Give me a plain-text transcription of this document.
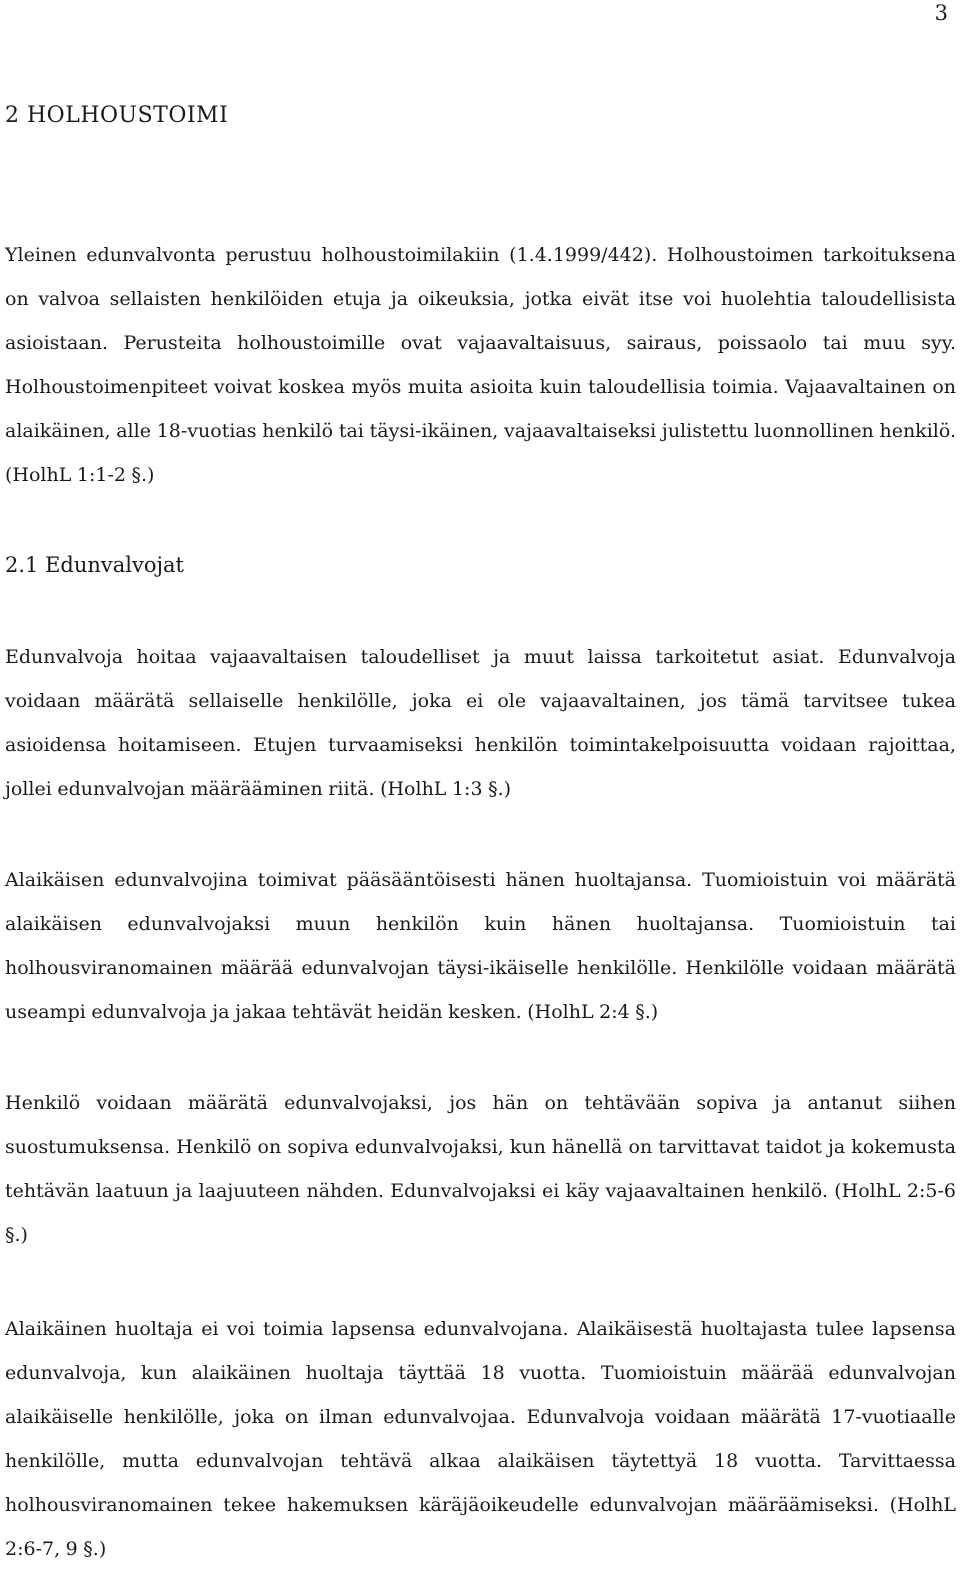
3
2 HOLHOUSTOIMI

Yleinen edunvalvonta perustuu holhoustoimilakiin (1.4.1999/442). Holhoustoimen tarkoituksena on valvoa sellaisten henkilöiden etuja ja oikeuksia, jotka eivät itse voi huolehtia taloudellisista asioistaan. Perusteita holhoustoimille ovat vajaavaltaisuus, sairaus, poissaolo tai muu syy. Holhoustoimenpiteet voivat koskea myös muita asioita kuin taloudellisia toimia. Vajaavaltainen on alaikäinen, alle 18-vuotias henkilö tai täysi-ikäinen, vajaavaltaiseksi julistettu luonnollinen henkilö. (HolhL 1:1-2 §.)

2.1 Edunvalvojat

Edunvalvoja hoitaa vajaavaltaisen taloudelliset ja muut laissa tarkoitetut asiat. Edunvalvoja voidaan määrätä sellaiselle henkilölle, joka ei ole vajaavaltainen, jos tämä tarvitsee tukea asioidensa hoitamiseen. Etujen turvaamiseksi henkilön toimintakelpoisuutta voidaan rajoittaa, jollei edunvalvojan määrääminen riitä. (HolhL 1:3 §.)

Alaikäisen edunvalvojina toimivat pääsääntöisesti hänen huoltajansa. Tuomioistuin voi määrätä alaikäisen edunvalvojaksi muun henkilön kuin hänen huoltajansa. Tuomioistuin tai holhousviranomainen määrää edunvalvojan täysi-ikäiselle henkilölle. Henkilölle voidaan määrätä useampi edunvalvoja ja jakaa tehtävät heidän kesken. (HolhL 2:4 §.)

Henkilö voidaan määrätä edunvalvojaksi, jos hän on tehtävään sopiva ja antanut siihen suostumuksensa. Henkilö on sopiva edunvalvojaksi, kun hänellä on tarvittavat taidot ja kokemusta tehtävän laatuun ja laajuuteen nähden. Edunvalvojaksi ei käy vajaavaltainen henkilö. (HolhL 2:5-6 §.)

Alaikäinen huoltaja ei voi toimia lapsensa edunvalvojana. Alaikäisestä huoltajasta tulee lapsensa edunvalvoja, kun alaikäinen huoltaja täyttää 18 vuotta. Tuomioistuin määrää edunvalvojan alaikäiselle henkilölle, joka on ilman edunvalvojaa. Edunvalvoja voidaan määrätä 17-vuotiaalle henkilölle, mutta edunvalvojan tehtävä alkaa alaikäisen täytettyä 18 vuotta. Tarvittaessa holhousviranomainen tekee hakemuksen käräjäoikeudelle edunvalvojan määräämiseksi. (HolhL 2:6-7, 9 §.)
